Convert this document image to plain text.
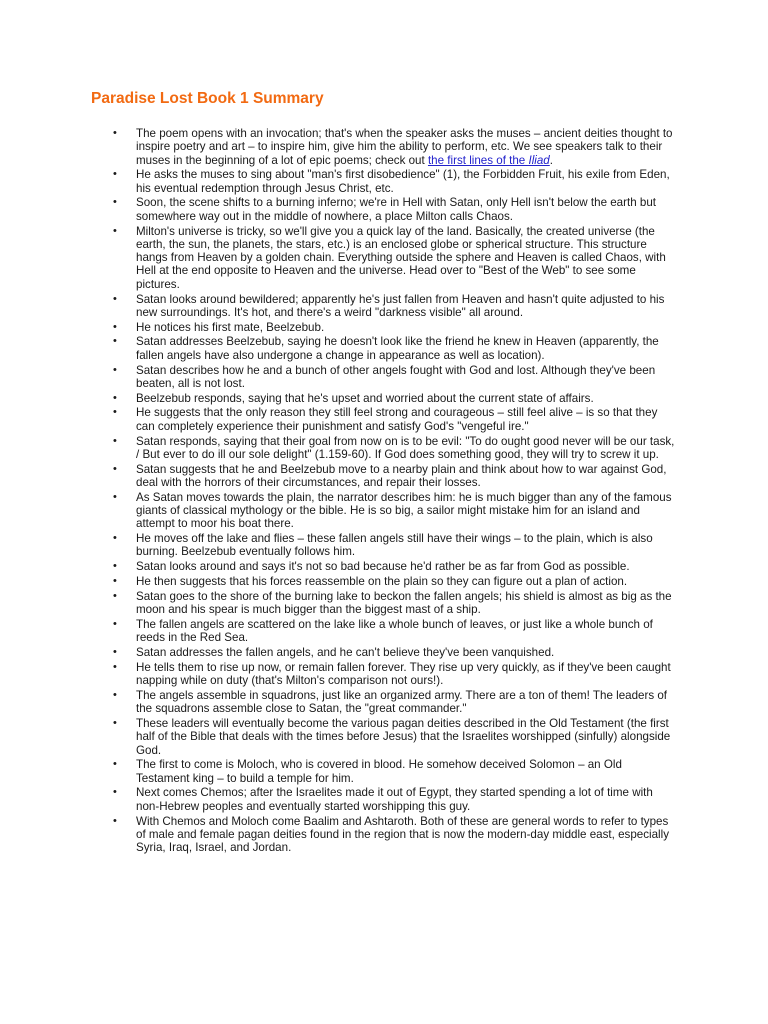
Paradise Lost Book 1 Summary
• The poem opens with an invocation; that's when the speaker asks the muses – ancient deities thought to inspire poetry and art – to inspire him, give him the ability to perform, etc. We see speakers talk to their muses in the beginning of a lot of epic poems; check out the first lines of the Iliad.
• He asks the muses to sing about "man's first disobedience" (1), the Forbidden Fruit, his exile from Eden, his eventual redemption through Jesus Christ, etc.
• Soon, the scene shifts to a burning inferno; we're in Hell with Satan, only Hell isn't below the earth but somewhere way out in the middle of nowhere, a place Milton calls Chaos.
• Milton's universe is tricky, so we'll give you a quick lay of the land. Basically, the created universe (the earth, the sun, the planets, the stars, etc.) is an enclosed globe or spherical structure. This structure hangs from Heaven by a golden chain. Everything outside the sphere and Heaven is called Chaos, with Hell at the end opposite to Heaven and the universe. Head over to "Best of the Web" to see some pictures.
• Satan looks around bewildered; apparently he's just fallen from Heaven and hasn't quite adjusted to his new surroundings. It's hot, and there's a weird "darkness visible" all around.
• He notices his first mate, Beelzebub.
• Satan addresses Beelzebub, saying he doesn't look like the friend he knew in Heaven (apparently, the fallen angels have also undergone a change in appearance as well as location).
• Satan describes how he and a bunch of other angels fought with God and lost. Although they've been beaten, all is not lost.
• Beelzebub responds, saying that he's upset and worried about the current state of affairs.
• He suggests that the only reason they still feel strong and courageous – still feel alive – is so that they can completely experience their punishment and satisfy God's "vengeful ire."
• Satan responds, saying that their goal from now on is to be evil: "To do ought good never will be our task, / But ever to do ill our sole delight" (1.159-60). If God does something good, they will try to screw it up.
• Satan suggests that he and Beelzebub move to a nearby plain and think about how to war against God, deal with the horrors of their circumstances, and repair their losses.
• As Satan moves towards the plain, the narrator describes him: he is much bigger than any of the famous giants of classical mythology or the bible. He is so big, a sailor might mistake him for an island and attempt to moor his boat there.
• He moves off the lake and flies – these fallen angels still have their wings – to the plain, which is also burning. Beelzebub eventually follows him.
• Satan looks around and says it's not so bad because he'd rather be as far from God as possible.
• He then suggests that his forces reassemble on the plain so they can figure out a plan of action.
• Satan goes to the shore of the burning lake to beckon the fallen angels; his shield is almost as big as the moon and his spear is much bigger than the biggest mast of a ship.
• The fallen angels are scattered on the lake like a whole bunch of leaves, or just like a whole bunch of reeds in the Red Sea.
• Satan addresses the fallen angels, and he can't believe they've been vanquished.
• He tells them to rise up now, or remain fallen forever. They rise up very quickly, as if they've been caught napping while on duty (that's Milton's comparison not ours!).
• The angels assemble in squadrons, just like an organized army. There are a ton of them! The leaders of the squadrons assemble close to Satan, the "great commander."
• These leaders will eventually become the various pagan deities described in the Old Testament (the first half of the Bible that deals with the times before Jesus) that the Israelites worshipped (sinfully) alongside God.
• The first to come is Moloch, who is covered in blood. He somehow deceived Solomon – an Old Testament king – to build a temple for him.
• Next comes Chemos; after the Israelites made it out of Egypt, they started spending a lot of time with non-Hebrew peoples and eventually started worshipping this guy.
• With Chemos and Moloch come Baalim and Ashtaroth. Both of these are general words to refer to types of male and female pagan deities found in the region that is now the modern-day middle east, especially Syria, Iraq, Israel, and Jordan.
